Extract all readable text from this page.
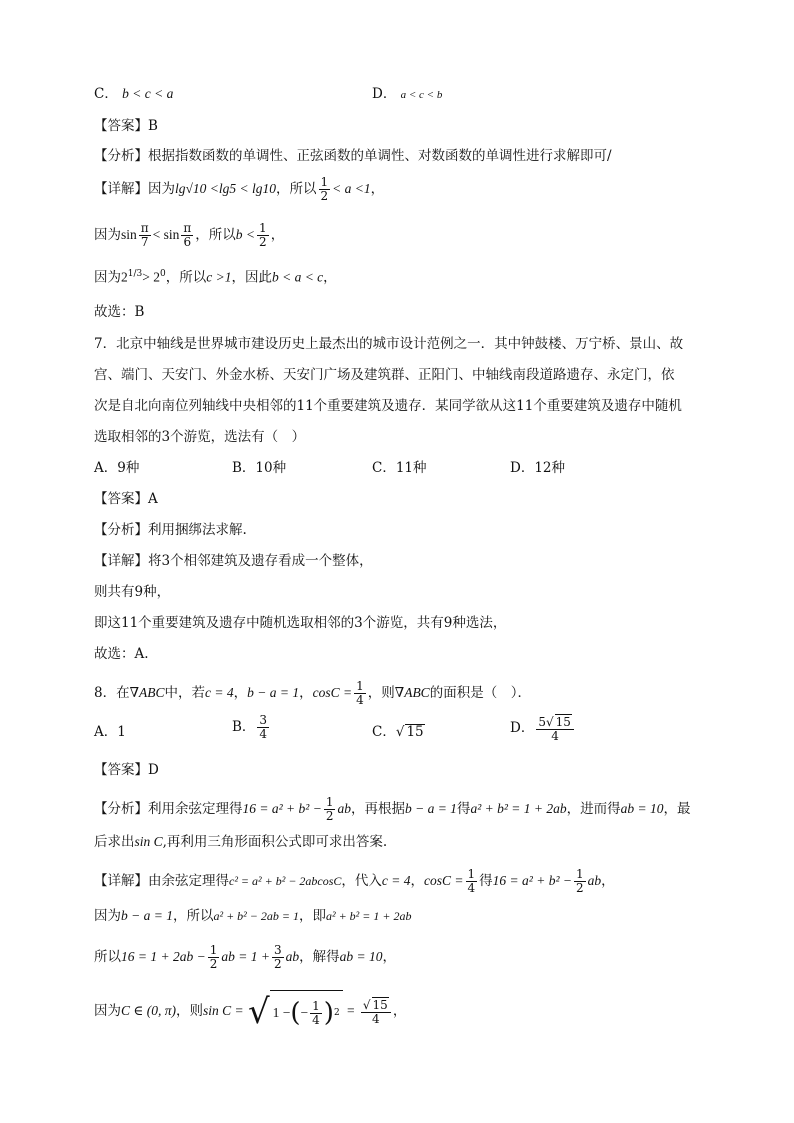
C． b < c < a	D． a < c < b
【答案】B
【分析】根据指数函数的单调性、正弦函数的单调性、对数函数的单调性进行求解即可/
【详解】因为lg√10 <lg5 < lg10，所以 $\frac{1}{2} < a <1$，
因为$\sin \frac{\pi}{7} < \sin \frac{\pi}{6}$ ，所以$b < \frac{1}{2}$ ，
因为$2^{1/3}> 2^0$，所以c >1，因此b < a < c，
故选：B
7．北京中轴线是世界城市建设历史上最杰出的城市设计范例之一．其中钟鼓楼、万宁桥、景山、故
宫、端门、天安门、外金水桥、天安门广场及建筑群、正阳门、中轴线南段道路遗存、永定门，依
次是自北向南位列轴线中央相邻的11个重要建筑及遗存．某同学欲从这11个重要建筑及遗存中随机
选取相邻的3个游览，选法有（　）
A．9种	B．10种	C．11种	D．12种
【答案】A
【分析】利用捆绑法求解.
【详解】将3个相邻建筑及遗存看成一个整体，
则共有9种，
即这11个重要建筑及遗存中随机选取相邻的3个游览，共有9种选法，
故选：A.
8．在∇ABC中，若c = 4，b − a = 1，$\cos C = \frac{1}{4}$ ，则∇ABC的面积是（　）．
A．1	B． $\frac{3}{4}$	C．√ 15	D． $\frac{5√ 15}{4}$
【答案】D
【分析】利用余弦定理得$16 = a^2 + b^2 - \frac{1}{2}$ ab，再根据b − a = 1得a² + b² = 1 + 2ab，进而得ab = 10，最
后求出sin C,再利用三角形面积公式即可求出答案.
【详解】由余弦定理得c² = a² + b² − 2abcosC，代入c = 4，$\cos C = \frac{1}{4}$ 得$16 = a^2 + b^2 - \frac{1}{2}$ ab，
因为b − a = 1，所以a² + b² − 2ab = 1，即a² + b² = 1 + 2ab
所以$16 = 1 + 2ab - \frac{1}{2}$ ab = $1 + \frac{3}{2}$ ab，解得ab = 10，
因为C ∈ (0, π)，则sin C = √ 1 − ( − $\frac{1}{4}$ ) $2 = \frac{√ 15}{4}$ ，
